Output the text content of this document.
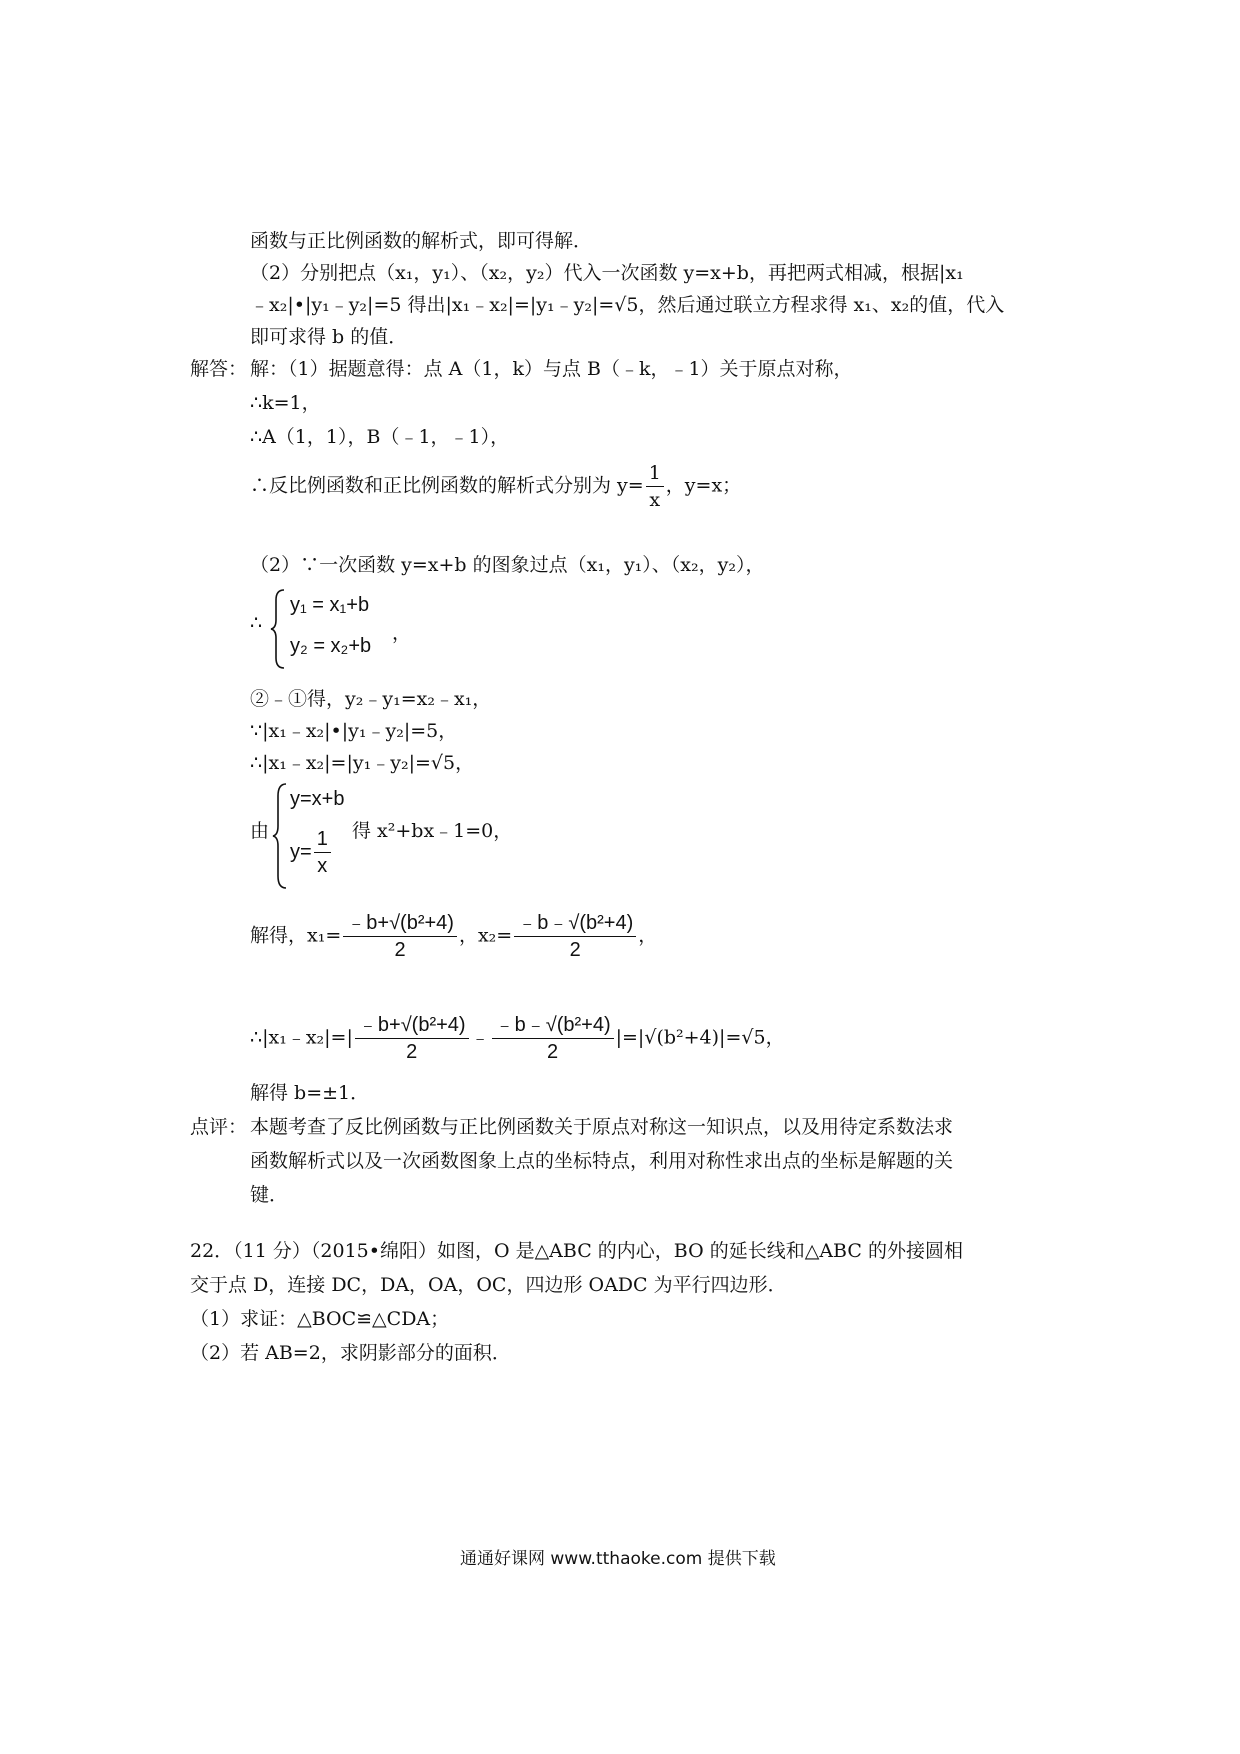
函数与正比例函数的解析式，即可得解．
（2）分别把点（x₁，y₁）、（x₂，y₂）代入一次函数 y=x+b，再把两式相减，根据|x₁
﹣x₂|•|y₁﹣y₂|=5 得出|x₁﹣x₂|=|y₁﹣y₂|=√5，然后通过联立方程求得 x₁、x₂的值，代入
即可求得 b 的值．
解答： 解：（1）据题意得：点 A（1，k）与点 B（﹣k，﹣1）关于原点对称，
∴k=1，
∴A（1，1），B（﹣1，﹣1），
∴反比例函数和正比例函数的解析式分别为 $y= \frac{1}{x}$ ，y=x；
（2）∵一次函数 y=x+b 的图象过点（x₁，y₁）、（x₂，y₂），
∴
y₁ = x₁+b
y₂ = x₂+b
，
②﹣①得，y₂﹣y₁=x₂﹣x₁，
∵|x₁﹣x₂|•|y₁﹣y₂|=5，
∴|x₁﹣x₂|=|y₁﹣y₂|=√5，
由
y=x+b
$y= \frac{1}{x}$ 得 x²+bx﹣1=0，
解得，$x_1= \frac{\text{﹣b+√(b²+4)}}{2}$ ，$x_2= \frac{\text{﹣b﹣√(b²+4)}}{2}$ ，
∴|x₁﹣x₂|=| $\frac{\text{﹣b+√(b²+4)}}{2}$ ﹣ $\frac{\text{﹣b﹣√(b²+4)}}{2} |=|√(b^2+4)|=√5$，
解得 b=±1．
点评： 本题考查了反比例函数与正比例函数关于原点对称这一知识点，以及用待定系数法求
函数解析式以及一次函数图象上点的坐标特点，利用对称性求出点的坐标是解题的关
键．
22．（11 分）（2015•绵阳）如图，O 是△ABC 的内心，BO 的延长线和△ABC 的外接圆相
交于点 D，连接 DC，DA，OA，OC，四边形 OADC 为平行四边形．
（1）求证：△BOC≌△CDA；
（2）若 AB=2，求阴影部分的面积．
通通好课网 www.tthaoke.com 提供下载
